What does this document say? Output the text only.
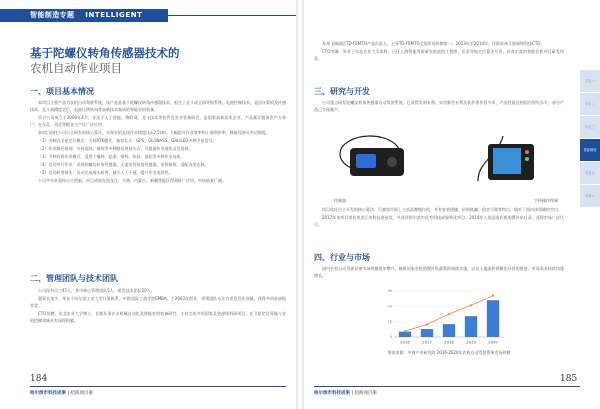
智能制造专题 INTELLIGENT MANUFACTURING
基于陀螺仪转角传感器技术的
农机自动作业项目
一、项目基本情况

本项目主要产品为农机自动驾驶系统，该产品是基于陀螺仪转角传感器技术，组合了北斗或全球导航系统、电液控制技术，是由计算机及传感技术、北斗高精度定位、电液比例转向等高新技术集成的智能农机装备。

项目公司成立于2009年4月，专注于人工智能、物联网、北斗技术等软件及农业装备研发，是国家高新技术企业，产品累计服务农户万余户，在东北、西北等粮食主产区广泛应用。

本项目依托公司自主研发的核心算法，实现农机直线作业精度达±2.5cm，大幅提升作业效率和土地利用率，降低驾驶员劳动强度。

（1）多制式卫星定位模式：支持RTK模式，兼容北斗、GPS、GLONASS、GALILEO多种卫星信号。

（2）作业路径规划：支持直线、曲线等多种路径规划方式，可根据作业地块灵活选择。

（3）多种农机作业模式：适用于播种、起垄、喷药、收获、深松等多种作业场景。

（4）自动对行作业：采用陀螺仪转角传感器，无需安装角度传感器，安装简便，适配各类农机。

（5）自动转弯掉头：自动完成地头转弯，减少人工干预，提升作业连续性。

公司多年来坚持自主创新，项目成果在黑龙江、吉林、内蒙古、新疆等地区得到推广应用，市场前景广阔。

二、管理团队与技术团队

公司现有员工45人，其中核心管理团队5人，研发技术团队20人。

董事长张宇，毕业于哈尔滨工业大学计算机系，中欧国际工商学院EMBA，于2003年创业，带领团队专注农业信息化领域，获得多项省部级荣誉。

CTO张鹏，东北农业大学博士，长期从事农业机械自动化及智能农机装备研究，主持完成多项国家及省部级科研项目，在卫星定位导航与农机控制领域具有深厚积累。

184
哈尔滨市科技成果 | 招商项目册

苏州飞瑞通信TD-FEMTO产品负责人，主导TD-FEMTO全国市场份额第一；2013年至2014年，任职苏州丰源网络科技CTO。

CTO李琳，毕业于东北农业大学本科，历任上海智能驾驶研究院高级工程师，负责导航定位算法开发，具有丰富的智能农机项目研发经验。

三、研究与开发

公司重点研发陀螺仪转角传感器自动驾驶系统，已获得发明专利、实用新型专利及软件著作权多项，产品性能达到国内领先水平，部分产品已实现量产。

控制器	手持操作终端

项目依托自主开发的核心算法，可兼容市面上主流品牌拖拉机，具有安装便捷、价格低廉、稳定可靠等特点，填补了国内该领域的空白。

2017年该项目荣获黑龙江省科技进步奖，并获评哈尔滨市优秀科技成果转化项目；2019年入选国家农机购置补贴目录，获得市场广泛认可。

四、行业与市场

国内农机自动驾驶设备市场规模逐年攀升，随着国家农机购置补贴政策的持续实施，以及土地流转规模化经营的推进，市场需求持续快速增长。

0
10
20
30
2016	2017	2018	2019	2020
图表来源：中商产业研究院 2016-2020年农机自动驾驶系统市场规模
项目一
项目二
项目三
智能制造
项目五
项目六
185
哈尔滨市科技成果 | 招商项目册
